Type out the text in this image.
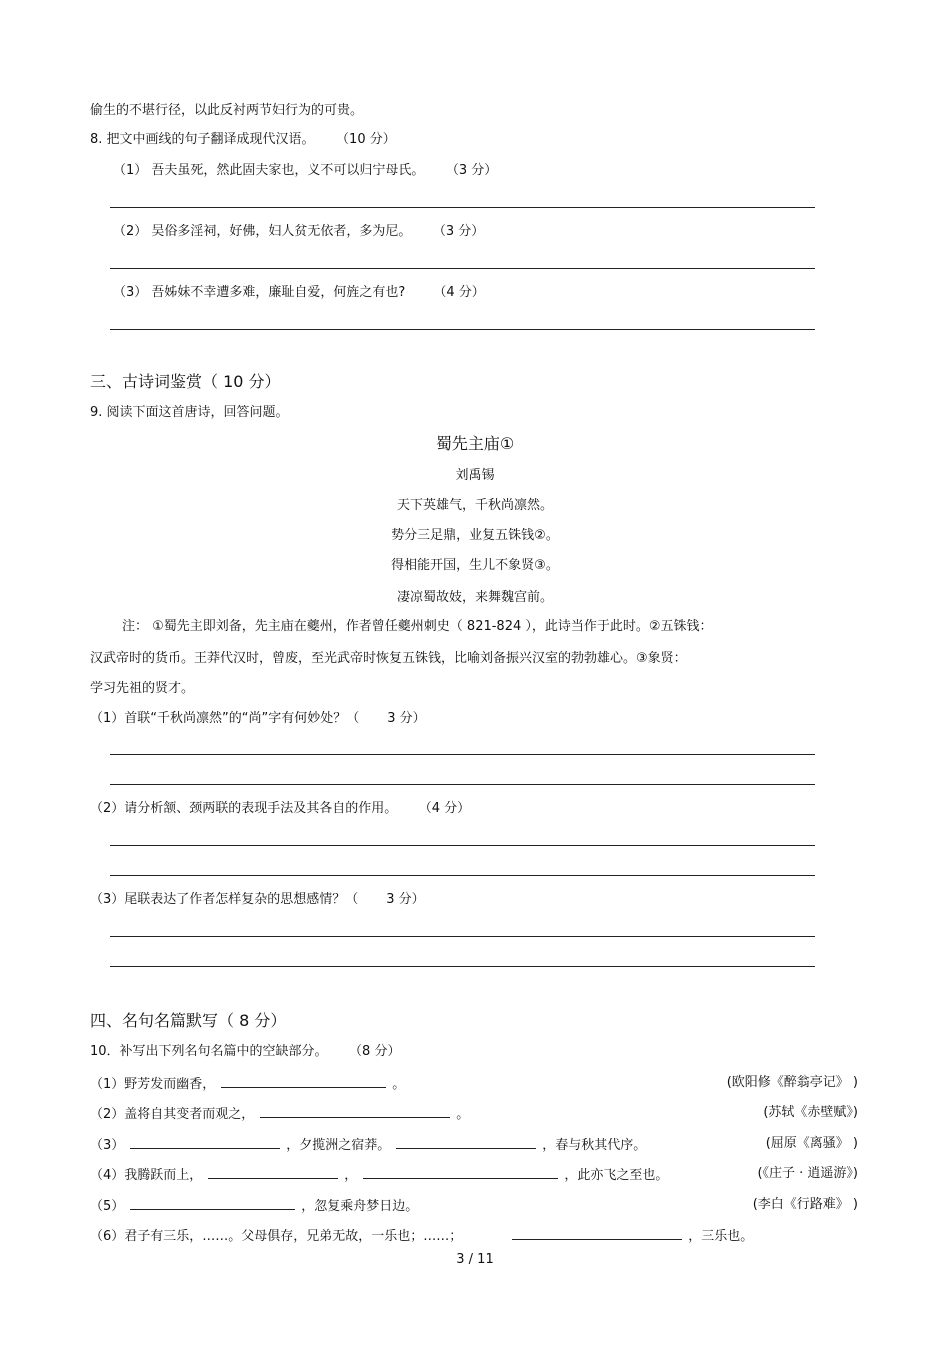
偷生的不堪行径，以此反衬两节妇行为的可贵。
8. 把文中画线的句子翻译成现代汉语。 （10 分）
（1） 吾夫虽死，然此固夫家也，义不可以归宁母氏。 （3 分）
（2） 吴俗多淫祠，好佛，妇人贫无依者，多为尼。 （3 分）
（3） 吾姊妹不幸遭多难，廉耻自爱，何旌之有也? （4 分）
三、古诗词鉴赏（ 10 分）
9. 阅读下面这首唐诗，回答问题。
蜀先主庙①
刘禹锡
天下英雄气，千秋尚凛然。
势分三足鼎，业复五铢钱②。
得相能开国，生儿不象贤③。
凄凉蜀故妓，来舞魏宫前。
注： ①蜀先主即刘备，先主庙在夔州，作者曾任夔州刺史（ 821-824 ），此诗当作于此时。②五铢钱：
汉武帝时的货币。王莽代汉时，曾废，至光武帝时恢复五铢钱，比喻刘备振兴汉室的勃勃雄心。③象贤：
学习先祖的贤才。
（1）首联“千秋尚凛然”的“尚”字有何妙处？（ 3 分）
（2）请分析颔、颈两联的表现手法及其各自的作用。 （4 分）
（3）尾联表达了作者怎样复杂的思想感情？（ 3 分）
四、名句名篇默写（ 8 分）
10．补写出下列名句名篇中的空缺部分。 （8 分）
（1）野芳发而幽香，	。	(欧阳修《醉翁亭记》 )
（2）盖将自其变者而观之，	。	(苏轼《赤壁赋》)
（3）	，夕揽洲之宿莽。	，春与秋其代序。	(屈原《离骚》 )
（4）我腾跃而上，	，	，此亦飞之至也。	(《庄子 · 逍遥游》)
（5）	，忽复乘舟梦日边。	(李白《行路难》 )
（6）君子有三乐，……。父母俱存，兄弟无故，一乐也；……；	，三乐也。
3 / 11
